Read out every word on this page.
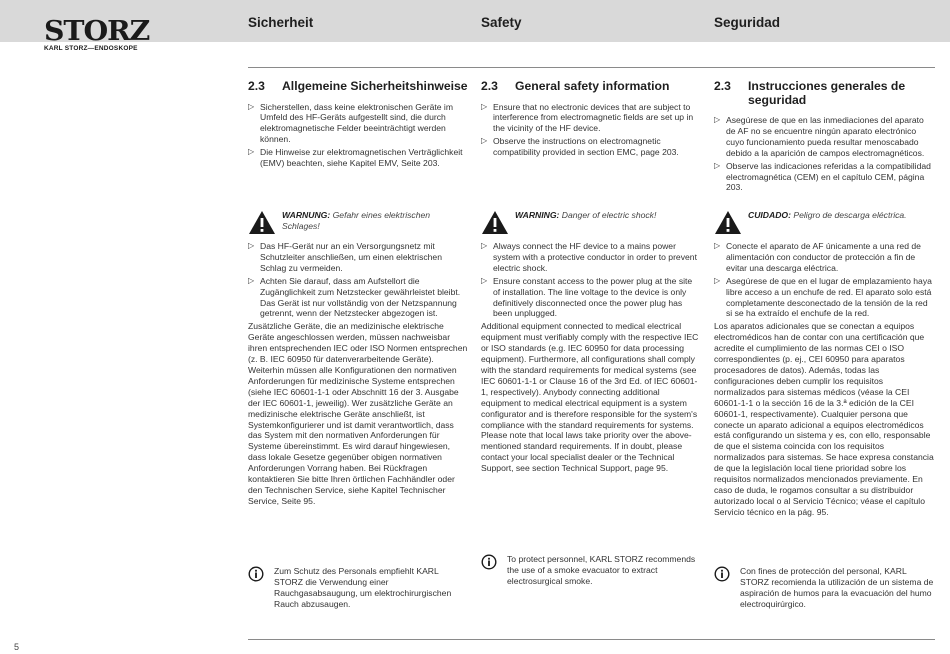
STORZ
KARL STORZ—ENDOSKOPE
Sicherheit	Safety	Seguridad
2.3	Allgemeine Sicherheitshinweise
▷ Sicherstellen, dass keine elektronischen Geräte im Umfeld des HF-Geräts aufgestellt sind, die durch elektromagnetische Felder beeinträchtigt werden können.

▷ Die Hinweise zur elektromagnetischen Verträglichkeit (EMV) beachten, siehe Kapitel EMV, Seite 203.

WARNUNG: Gefahr eines elektrischen Schlages!
▷ Das HF-Gerät nur an ein Versorgungsnetz mit Schutzleiter anschließen, um einen elektrischen Schlag zu vermeiden.

▷ Achten Sie darauf, dass am Aufstellort die Zugänglichkeit zum Netzstecker gewährleistet bleibt. Das Gerät ist nur vollständig von der Netzspannung getrennt, wenn der Netzstecker abgezogen ist.

Zusätzliche Geräte, die an medizinische elektrische Geräte angeschlossen werden, müssen nachweisbar ihren entsprechenden IEC oder ISO Normen entsprechen (z. B. IEC 60950 für datenverarbeitende Geräte). Weiterhin müssen alle Konfigurationen den normativen Anforderungen für medizinische Systeme entsprechen (siehe IEC 60601-1-1 oder Abschnitt 16 der 3. Ausgabe der IEC 60601-1, jeweilig). Wer zusätzliche Geräte an medizinische elektrische Geräte anschließt, ist Systemkonfigurierer und ist damit verantwortlich, dass das System mit den normativen Anforderungen für Systeme übereinstimmt. Es wird darauf hingewiesen, dass lokale Gesetze gegenüber obigen normativen Anforderungen Vorrang haben. Bei Rückfragen kontaktieren Sie bitte Ihren örtlichen Fachhändler oder den Technischen Service, siehe Kapitel Technischer Service, Seite 95.

Zum Schutz des Personals empfiehlt KARL STORZ die Verwendung einer Rauchgasabsaugung, um elektrochirurgischen Rauch abzusaugen.

2.3	General safety information
▷ Ensure that no electronic devices that are subject to interference from electromagnetic fields are set up in the vicinity of the HF device.

▷ Observe the instructions on electromagnetic compatibility provided in section EMC, page 203.

WARNING: Danger of electric shock!
▷ Always connect the HF device to a mains power system with a protective conductor in order to prevent electric shock.

▷ Ensure constant access to the power plug at the site of installation. The line voltage to the device is only definitively disconnected once the power plug has been unplugged.

Additional equipment connected to medical electrical equipment must verifiably comply with the respective IEC or ISO standards (e.g. IEC 60950 for data processing equipment). Furthermore, all configurations shall comply with the standard requirements for medical systems (see IEC 60601-1-1 or Clause 16 of the 3rd Ed. of IEC 60601-1, respectively). Anybody connecting additional equipment to medical electrical equipment is a system configurator and is therefore responsible for the system's compliance with the standard requirements for systems. Please note that local laws take priority over the above-mentioned standard requirements. If in doubt, please contact your local specialist dealer or the Technical Support, see section Technical Support, page 95.

To protect personnel, KARL STORZ recommends the use of a smoke evacuator to extract electrosurgical smoke.

2.3	Instrucciones generales de seguridad
▷ Asegúrese de que en las inmediaciones del aparato de AF no se encuentre ningún aparato electrónico cuyo funcionamiento pueda resultar menoscabado debido a la aparición de campos electromagnéticos.

▷ Observe las indicaciones referidas a la compatibilidad electromagnética (CEM) en el capítulo CEM, página 203.

CUIDADO: Peligro de descarga eléctrica.
▷ Conecte el aparato de AF únicamente a una red de alimentación con conductor de protección a fin de evitar una descarga eléctrica.

▷ Asegúrese de que en el lugar de emplazamiento haya libre acceso a un enchufe de red. El aparato solo está completamente desconectado de la tensión de la red si se ha extraído el enchufe de la red.

Los aparatos adicionales que se conectan a equipos electromédicos han de contar con una certificación que acredite el cumplimiento de las normas CEI o ISO correspondientes (p. ej., CEI 60950 para aparatos procesadores de datos). Además, todas las configuraciones deben cumplir los requisitos normalizados para sistemas médicos (véase la CEI 60601-1-1 o la sección 16 de la 3.ª edición de la CEI 60601-1, respectivamente). Cualquier persona que conecte un aparato adicional a equipos electromédicos está configurando un sistema y es, con ello, responsable de que el sistema coincida con los requisitos normalizados para sistemas. Se hace expresa constancia de que la legislación local tiene prioridad sobre los requisitos normalizados mencionados previamente. En caso de duda, le rogamos consultar a su distribuidor autorizado local o al Servicio Técnico; véase el capítulo Servicio técnico en la pág. 95.

Con fines de protección del personal, KARL STORZ recomienda la utilización de un sistema de aspiración de humos para la evacuación del humo electroquirúrgico.

5
